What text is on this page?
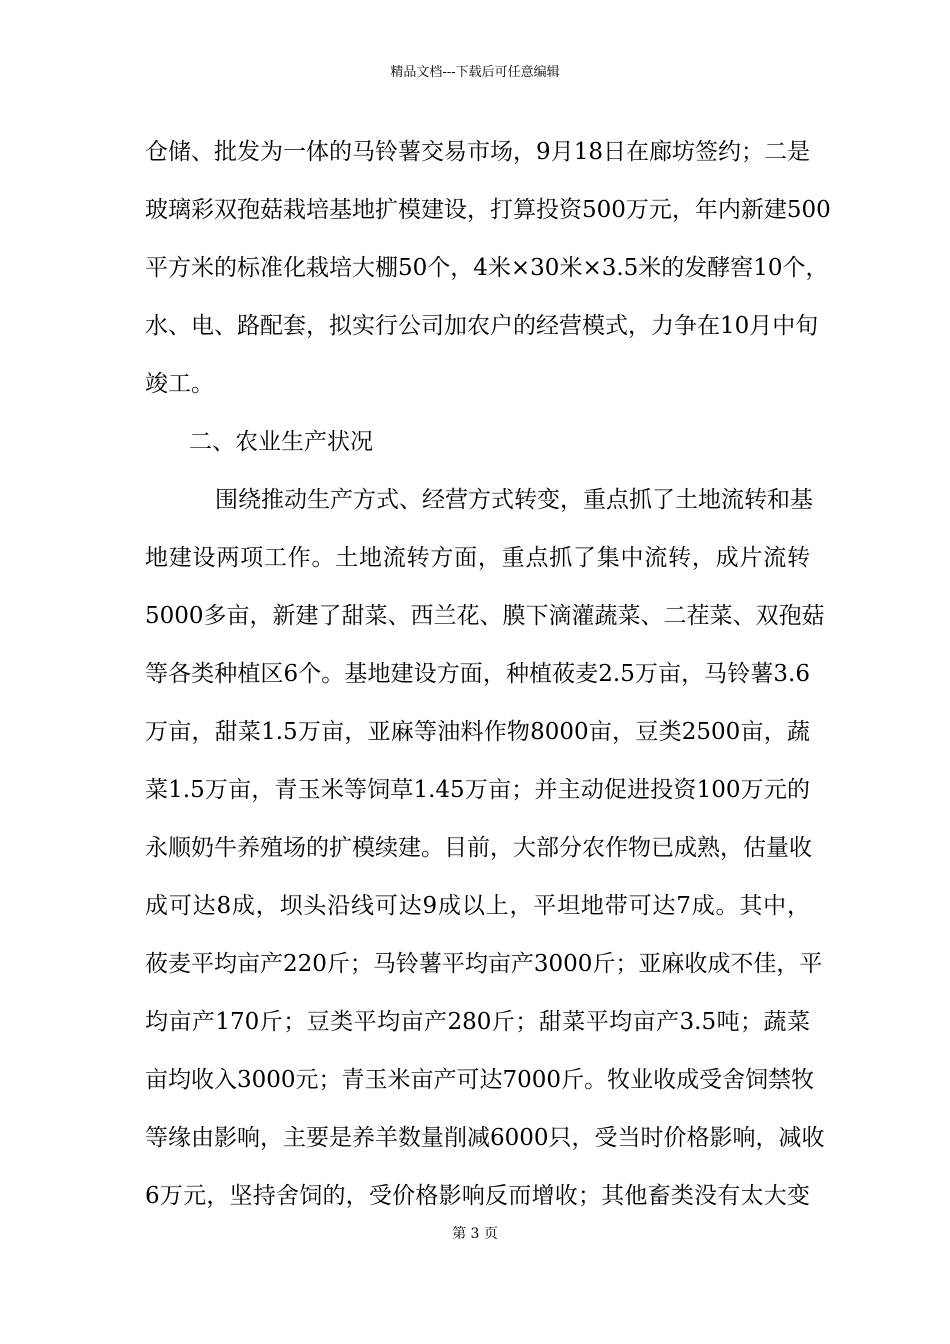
精品文档---下载后可任意编辑
仓储、批发为一体的马铃薯交易市场，9月18日在廊坊签约；二是
玻璃彩双孢菇栽培基地扩模建设，打算投资500万元，年内新建500
平方米的标准化栽培大棚50个，4米×30米×3.5米的发酵窖10个，
水、电、路配套，拟实行公司加农户的经营模式，力争在10月中旬
竣工。
二、农业生产状况
围绕推动生产方式、经营方式转变，重点抓了土地流转和基
地建设两项工作。土地流转方面，重点抓了集中流转，成片流转
5000多亩，新建了甜菜、西兰花、膜下滴灌蔬菜、二茬菜、双孢菇
等各类种植区6个。基地建设方面，种植莜麦2.5万亩，马铃薯3.6
万亩，甜菜1.5万亩，亚麻等油料作物8000亩，豆类2500亩，蔬
菜1.5万亩，青玉米等饲草1.45万亩；并主动促进投资100万元的
永顺奶牛养殖场的扩模续建。目前，大部分农作物已成熟，估量收
成可达8成，坝头沿线可达9成以上，平坦地带可达7成。其中，
莜麦平均亩产220斤；马铃薯平均亩产3000斤；亚麻收成不佳，平
均亩产170斤；豆类平均亩产280斤；甜菜平均亩产3.5吨；蔬菜
亩均收入3000元；青玉米亩产可达7000斤。牧业收成受舍饲禁牧
等缘由影响，主要是养羊数量削减6000只，受当时价格影响，减收
6万元，坚持舍饲的，受价格影响反而增收；其他畜类没有太大变
第 3 页
